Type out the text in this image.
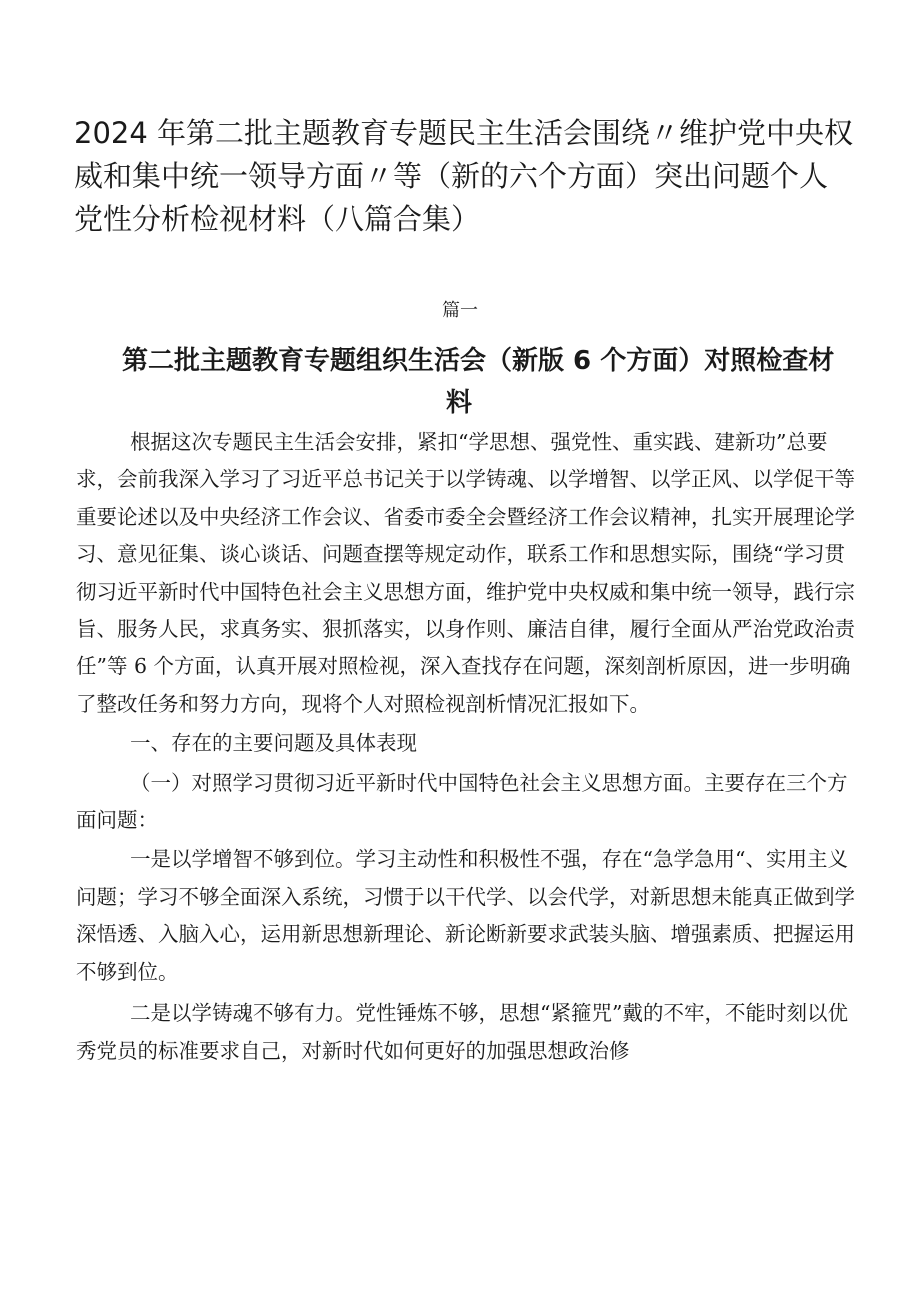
2024 年第二批主题教育专题民主生活会围绕〃维护党中央权威和集中统一领导方面〃等（新的六个方面）突出问题个人党性分析检视材料（八篇合集）
篇一
第二批主题教育专题组织生活会（新版 6 个方面）对照检查材
料

根据这次专题民主生活会安排，紧扣“学思想、强党性、重实践、建新功”总要求，会前我深入学习了习近平总书记关于以学铸魂、以学增智、以学正风、以学促干等重要论述以及中央经济工作会议、省委市委全会暨经济工作会议精神，扎实开展理论学习、意见征集、谈心谈话、问题查摆等规定动作，联系工作和思想实际，围绕“学习贯彻习近平新时代中国特色社会主义思想方面，维护党中央权威和集中统一领导，践行宗旨、服务人民，求真务实、狠抓落实，以身作则、廉洁自律，履行全面从严治党政治责任”等 6 个方面，认真开展对照检视，深入查找存在问题，深刻剖析原因，进一步明确了整改任务和努力方向，现将个人对照检视剖析情况汇报如下。

一、存在的主要问题及具体表现

（一）对照学习贯彻习近平新时代中国特色社会主义思想方面。主要存在三个方面问题：

一是以学增智不够到位。学习主动性和积极性不强，存在“急学急用“、实用主义问题；学习不够全面深入系统，习惯于以干代学、以会代学，对新思想未能真正做到学深悟透、入脑入心，运用新思想新理论、新论断新要求武装头脑、增强素质、把握运用不够到位。

二是以学铸魂不够有力。党性锤炼不够，思想“紧箍咒”戴的不牢，不能时刻以优秀党员的标准要求自己，对新时代如何更好的加强思想政治修
